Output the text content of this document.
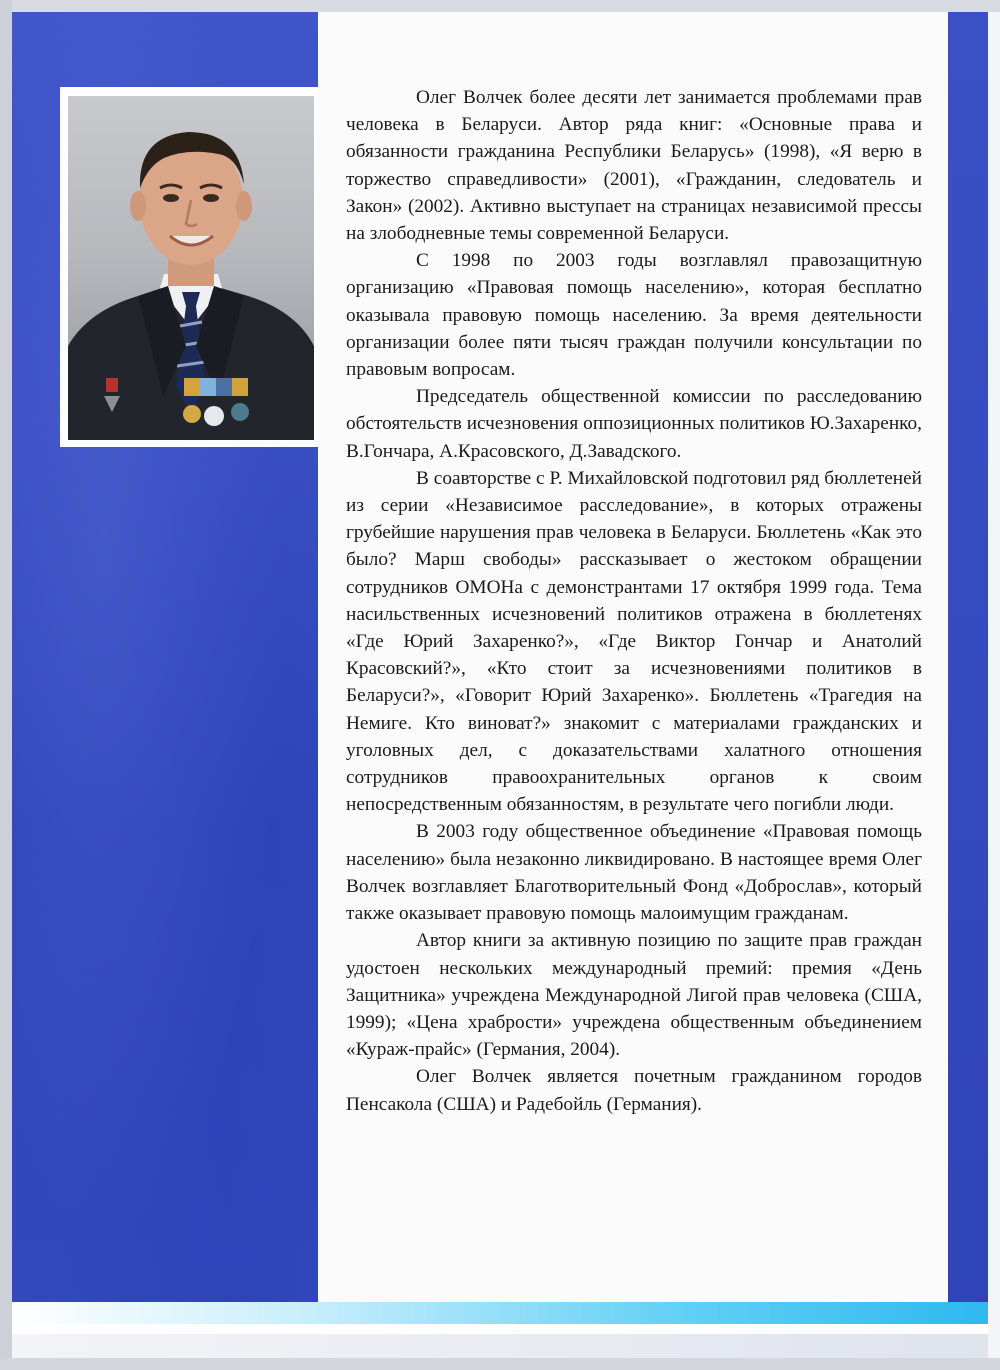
Олег Волчек более десяти лет занимается проблемами прав человека в Беларуси. Автор ряда книг: «Основные права и обязанности гражданина Республики Беларусь» (1998), «Я верю в торжество справедливости» (2001), «Гражданин, следователь и Закон» (2002). Активно выступает на страницах независимой прессы на злободневные темы современной Беларуси.

С 1998 по 2003 годы возглавлял правозащитную организацию «Правовая помощь населению», которая бесплатно оказывала правовую помощь населению. За время деятельности организации более пяти тысяч граждан получили консультации по правовым вопросам.

Председатель общественной комиссии по расследованию обстоятельств исчезновения оппозиционных политиков Ю.Захаренко, В.Гончара, А.Красовского, Д.Завадского.

В соавторстве с Р. Михайловской подготовил ряд бюллетеней из серии «Независимое расследование», в которых отражены грубейшие нарушения прав человека в Беларуси. Бюллетень «Как это было? Марш свободы» рассказывает о жестоком обращении сотрудников ОМОНа с демонстрантами 17 октября 1999 года. Тема насильственных исчезновений политиков отражена в бюллетенях «Где Юрий Захаренко?», «Где Виктор Гончар и Анатолий Красовский?», «Кто стоит за исчезновениями политиков в Беларуси?», «Говорит Юрий Захаренко». Бюллетень «Трагедия на Немиге. Кто виноват?» знакомит с материалами гражданских и уголовных дел, с доказательствами халатного отношения сотрудников правоохранительных органов к своим непосредственным обязанностям, в результате чего погибли люди.

В 2003 году общественное объединение «Правовая помощь населению» была незаконно ликвидировано. В настоящее время Олег Волчек возглавляет Благотворительный Фонд «Доброслав», который также оказывает правовую помощь малоимущим гражданам.

Автор книги за активную позицию по защите прав граждан удостоен нескольких международный премий: премия «День Защитника» учреждена Международной Лигой прав человека (США, 1999); «Цена храбрости» учреждена общественным объединением «Кураж-прайс» (Германия, 2004).

Олег Волчек является почетным гражданином городов Пенсакола (США) и Радебойль (Германия).
